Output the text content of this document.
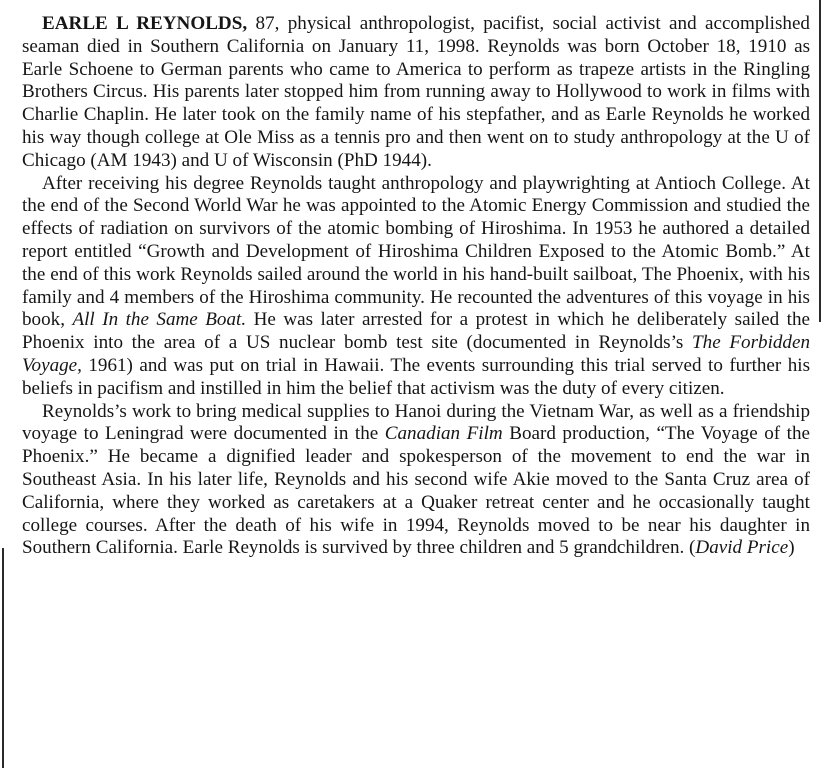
EARLE L REYNOLDS, 87, physical anthropologist, pacifist, social activist and accomplished seaman died in Southern California on January 11, 1998. Reynolds was born October 18, 1910 as Earle Schoene to German parents who came to America to perform as trapeze artists in the Ringling Brothers Circus. His parents later stopped him from running away to Hollywood to work in films with Charlie Chaplin. He later took on the family name of his stepfather, and as Earle Reynolds he worked his way though college at Ole Miss as a tennis pro and then went on to study anthropology at the U of Chicago (AM 1943) and U of Wisconsin (PhD 1944).

After receiving his degree Reynolds taught anthropology and playwrighting at Antioch College. At the end of the Second World War he was appointed to the Atomic Energy Commission and studied the effects of radiation on survivors of the atomic bombing of Hiroshima. In 1953 he authored a detailed report entitled “Growth and Development of Hiroshima Children Exposed to the Atomic Bomb.” At the end of this work Reynolds sailed around the world in his hand-built sailboat, The Phoenix, with his family and 4 members of the Hiroshima community. He recounted the adventures of this voyage in his book, All In the Same Boat. He was later arrested for a protest in which he deliberately sailed the Phoenix into the area of a US nuclear bomb test site (documented in Reynolds’s The Forbidden Voyage, 1961) and was put on trial in Hawaii. The events surrounding this trial served to further his beliefs in pacifism and instilled in him the belief that activism was the duty of every citizen.

Reynolds’s work to bring medical supplies to Hanoi during the Vietnam War, as well as a friendship voyage to Leningrad were documented in the Canadian Film Board production, “The Voyage of the Phoenix.” He became a dignified leader and spokesperson of the movement to end the war in Southeast Asia. In his later life, Reynolds and his second wife Akie moved to the Santa Cruz area of California, where they worked as caretakers at a Quaker retreat center and he occasionally taught college courses. After the death of his wife in 1994, Reynolds moved to be near his daughter in Southern California. Earle Reynolds is survived by three children and 5 grandchildren. (David Price)
